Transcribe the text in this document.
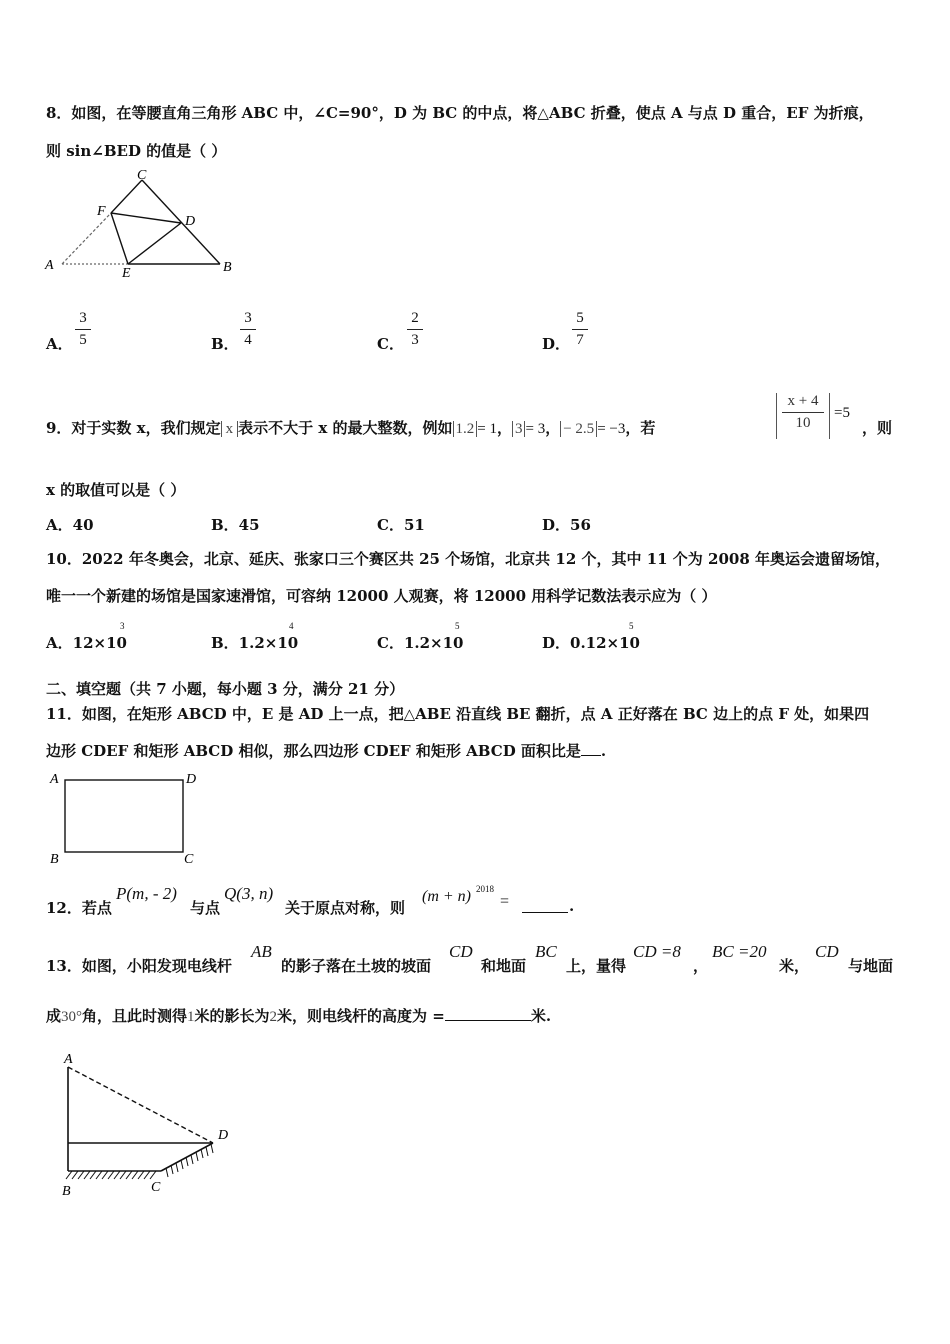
8．如图，在等腰直角三角形 ABC 中，∠C=90°，D 为 BC 的中点，将△ABC 折叠，使点 A 与点 D 重合，EF 为折痕，
则 sin∠BED 的值是（ ）
C
F
D
A
E	B
A．
3
5	B．
3
4	C．
2
3	D．
5
7
9．对于实数 x，我们规定 x 表示不大于 x 的最大整数，例如 1.2 = 1， 3 = 3， − 2.5 = −3，若
x + 4
10
=5
，则
x 的取值可以是（ ）
A．40	B．45	C．51	D．56
10．2022 年冬奥会，北京、延庆、张家口三个赛区共 25 个场馆，北京共 12 个，其中 11 个为 2008 年奥运会遗留场馆，
唯一一个新建的场馆是国家速滑馆，可容纳 12000 人观赛，将 12000 用科学记数法表示应为（ ）
A．12×10
3
B．1.2×10
4
C．1.2×10
5
D．0.12×10
5
二、填空题（共 7 小题，每小题 3 分，满分 21 分）
11．如图，在矩形 ABCD 中，E 是 AD 上一点，把△ABE 沿直线 BE 翻折，点 A 正好落在 BC 边上的点 F 处，如果四
边形 CDEF 和矩形 ABCD 相似，那么四边形 CDEF 和矩形 ABCD 面积比是 .
A	D
B	C
12．若点
P(m, - 2)
与点
Q(3, n)
关于原点对称，则
(m + n) 2018
=	.
13．如图，小阳发现电线杆
AB
的影子落在土坡的坡面
CD
和地面
BC
上，量得
CD =8
，
BC =20
米，
CD
与地面
成30°角，且此时测得1米的影长为2米，则电线杆的高度为 =	米.
A
D
B	C
